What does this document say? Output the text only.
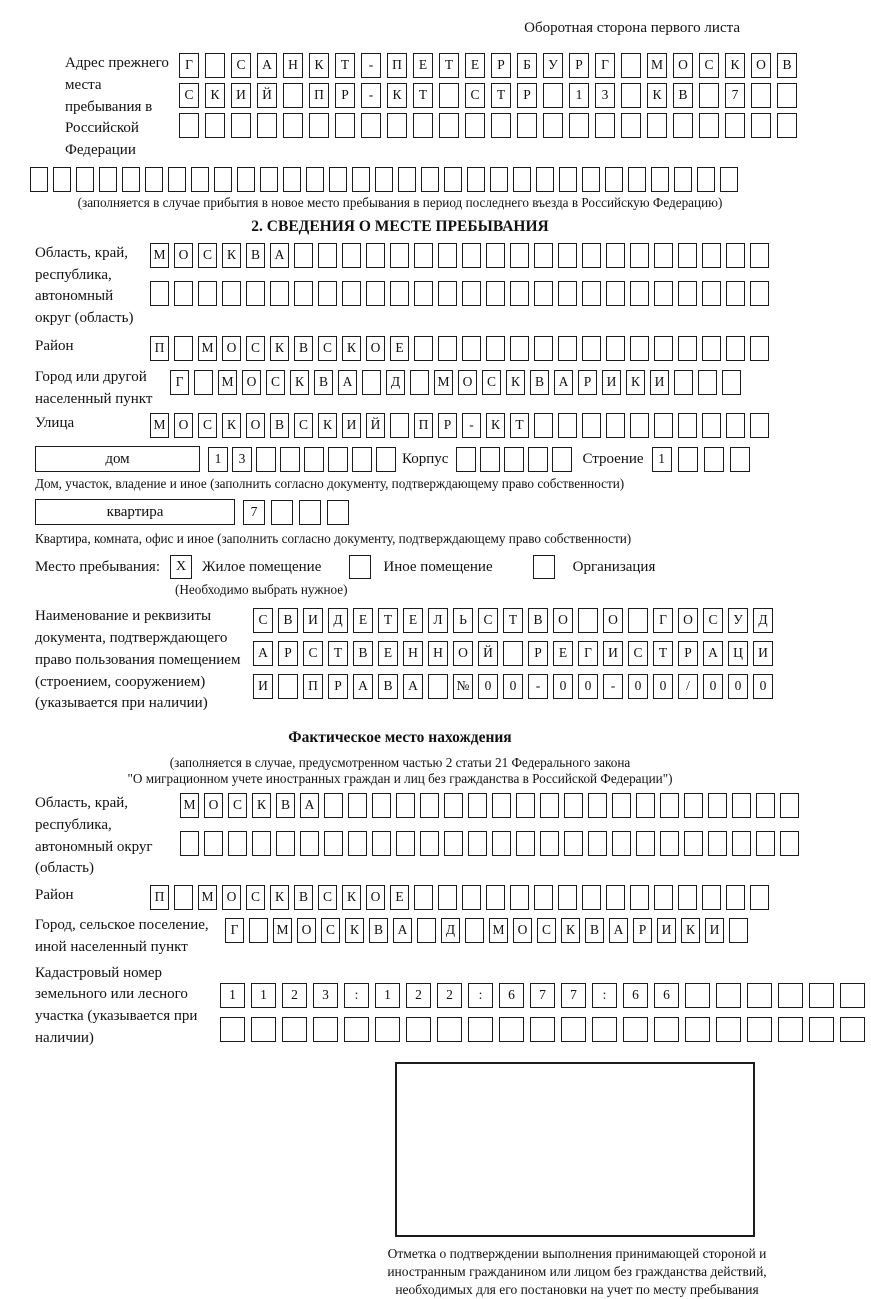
Оборотная сторона первого листа
Адрес прежнего места пребывания в Российской Федерации
Г	С	А	Н	К	Т	-	П	Е	Т	Е	Р	Б	У	Р	Г	М	О	С	К	О	В
С	К	И	Й	П	Р	-	К	Т	С	Т	Р	1	3	К	В	7
(заполняется в случае прибытия в новое место пребывания в период последнего въезда в Российскую Федерацию)
2. СВЕДЕНИЯ О МЕСТЕ ПРЕБЫВАНИЯ
Область, край, республика, автономный округ (область)
М О	С	К	В	А
Район	П	М О	С	К	В	С	К	О	Е
Город или другой населенный пункт
Г	М О	С	К	В	А	Д	М О	С	К	В	А	Р	И	К	И
Улица	М О	С	К	О	В	С	К	И	Й	П	Р	-	К	Т
дом	1	3	Корпус	Строение	1
Дом, участок, владение и иное (заполнить согласно документу, подтверждающему право собственности)
квартира	7
Квартира, комната, офис и иное (заполнить согласно документу, подтверждающему право собственности)
Место пребывания:	X	Жилое помещение	Иное помещение	Организация
(Необходимо выбрать нужное)
Наименование и реквизиты документа, подтверждающего право пользования помещением (строением, сооружением) (указывается при наличии)
С	В	И	Д	Е	Т	Е	Л	Ь	С	Т	В	О	О	Г	О	С	У	Д
А	Р	С	Т	В	Е	Н	Н	О	Й	Р	Е	Г	И	С	Т	Р	А	Ц	И
И	П	Р	А	В	А	№	0	0	-	0	0	-	0	0	/	0	0	0
Фактическое место нахождения
(заполняется в случае, предусмотренном частью 2 статьи 21 Федерального закона
"О миграционном учете иностранных граждан и лиц без гражданства в Российской Федерации")
Область, край, республика, автономный округ (область)
М О	С	К	В	А
Район	П	М О	С	К	В	С	К	О	Е
Город, сельское поселение, иной населенный пункт
Г	М О	С	К	В	А	Д	М О	С	К	В	А	Р	И	К	И
Кадастровый номер земельного или лесного участка (указывается при наличии)
1	1	2	3	:	1	2	2	:	6	7	7	:	6	6
Отметка о подтверждении выполнения принимающей стороной и иностранным гражданином или лицом без гражданства действий, необходимых для его постановки на учет по месту пребывания
